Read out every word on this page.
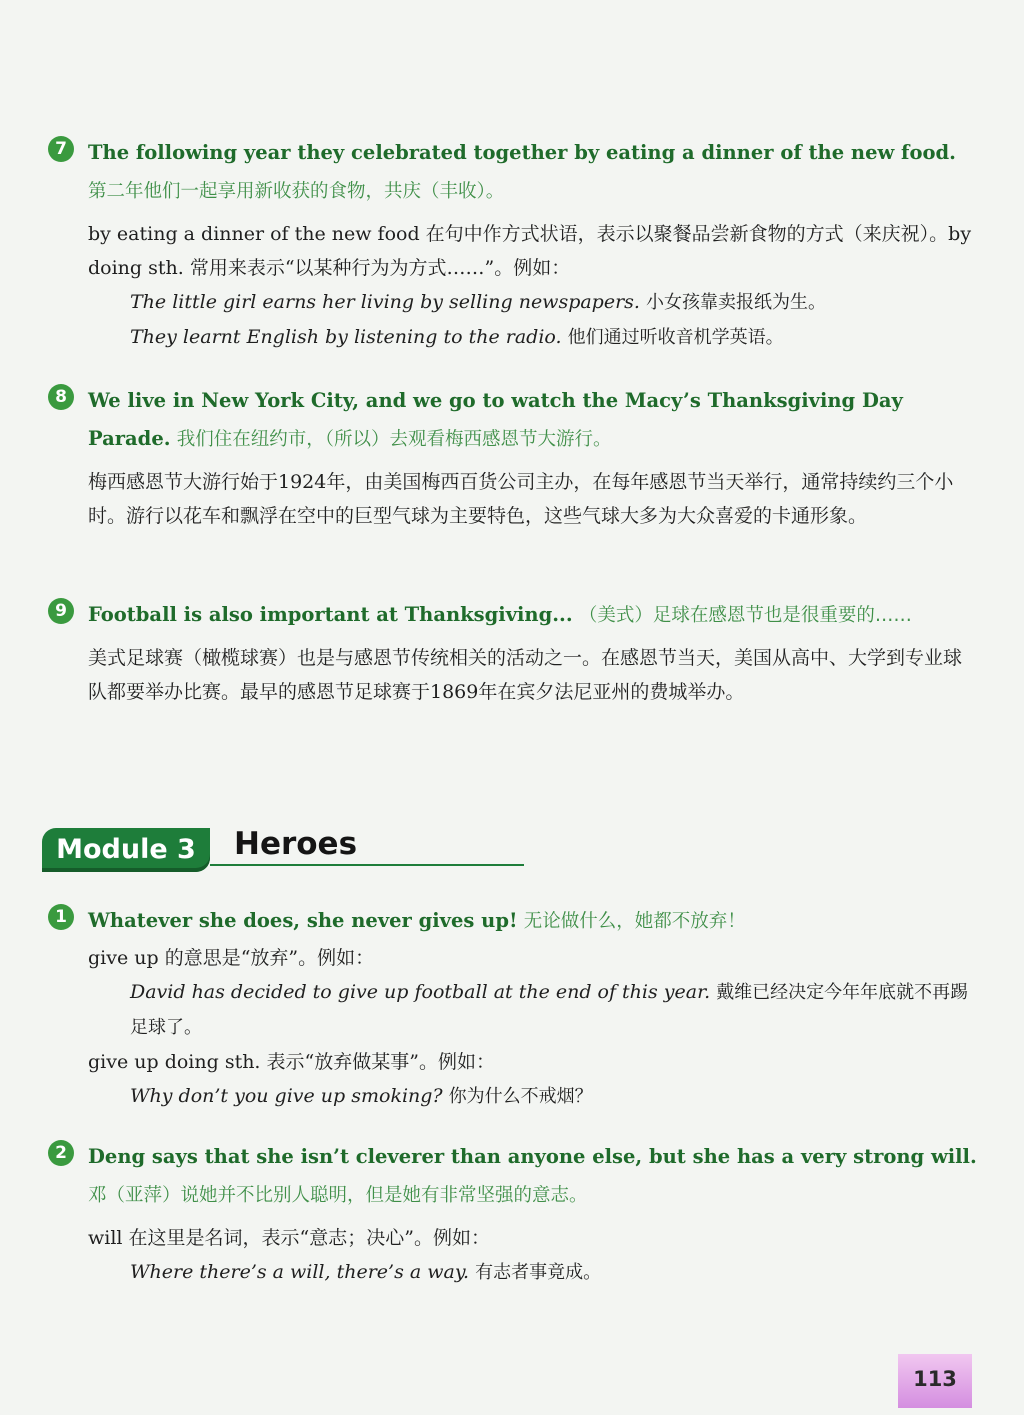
7	The following year they celebrated together by eating a dinner of the new food. 第二年他们一起享用新收获的食物，共庆（丰收）。
by eating a dinner of the new food 在句中作方式状语，表示以聚餐品尝新食物的方式（来庆祝）。by doing sth. 常用来表示“以某种行为为方式……”。例如：
The little girl earns her living by selling newspapers. 小女孩靠卖报纸为生。
They learnt English by listening to the radio. 他们通过听收音机学英语。
8	We live in New York City, and we go to watch the Macy’s Thanksgiving Day Parade. 我们住在纽约市，（所以）去观看梅西感恩节大游行。
梅西感恩节大游行始于1924年，由美国梅西百货公司主办，在每年感恩节当天举行，通常持续约三个小时。游行以花车和飘浮在空中的巨型气球为主要特色，这些气球大多为大众喜爱的卡通形象。
9	Football is also important at Thanksgiving... （美式）足球在感恩节也是很重要的……
美式足球赛（橄榄球赛）也是与感恩节传统相关的活动之一。在感恩节当天，美国从高中、大学到专业球队都要举办比赛。最早的感恩节足球赛于1869年在宾夕法尼亚州的费城举办。
Module 3	Heroes
1	Whatever she does, she never gives up! 无论做什么，她都不放弃！
give up 的意思是“放弃”。例如：
David has decided to give up football at the end of this year. 戴维已经决定今年年底就不再踢足球了。
give up doing sth. 表示“放弃做某事”。例如：
Why don’t you give up smoking? 你为什么不戒烟？
2	Deng says that she isn’t cleverer than anyone else, but she has a very strong will. 邓（亚萍）说她并不比别人聪明，但是她有非常坚强的意志。
will 在这里是名词，表示“意志；决心”。例如：
Where there’s a will, there’s a way. 有志者事竟成。
113
